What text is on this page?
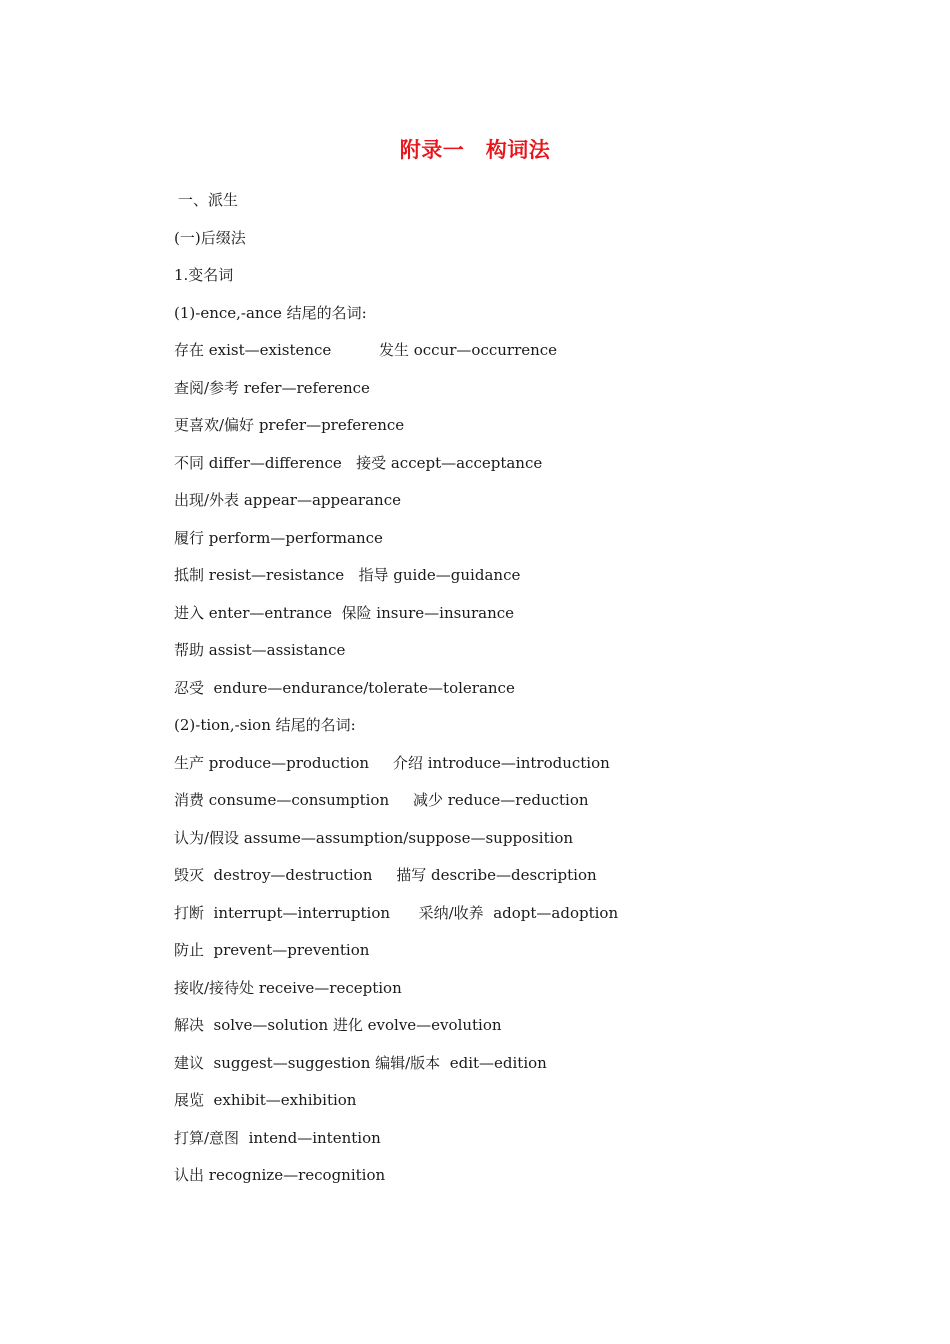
附录一　构词法
一、派生
(一)后缀法
1.变名词
(1)-ence,-ance 结尾的名词:
存在 exist—existence          发生 occur—occurrence
查阅/参考 refer—reference
更喜欢/偏好 prefer—preference
不同 differ—difference   接受 accept—acceptance
出现/外表 appear—appearance
履行 perform—performance
抵制 resist—resistance   指导 guide—guidance
进入 enter—entrance  保险 insure—insurance
帮助 assist—assistance
忍受  endure—endurance/tolerate—tolerance
(2)-tion,-sion 结尾的名词:
生产 produce—production     介绍 introduce—introduction
消费 consume—consumption     减少 reduce—reduction
认为/假设 assume—assumption/suppose—supposition
毁灭  destroy—destruction     描写 describe—description
打断  interrupt—interruption      采纳/收养  adopt—adoption
防止  prevent—prevention
接收/接待处 receive—reception
解决  solve—solution 进化 evolve—evolution
建议  suggest—suggestion 编辑/版本  edit—edition
展览  exhibit—exhibition
打算/意图  intend—intention
认出 recognize—recognition
